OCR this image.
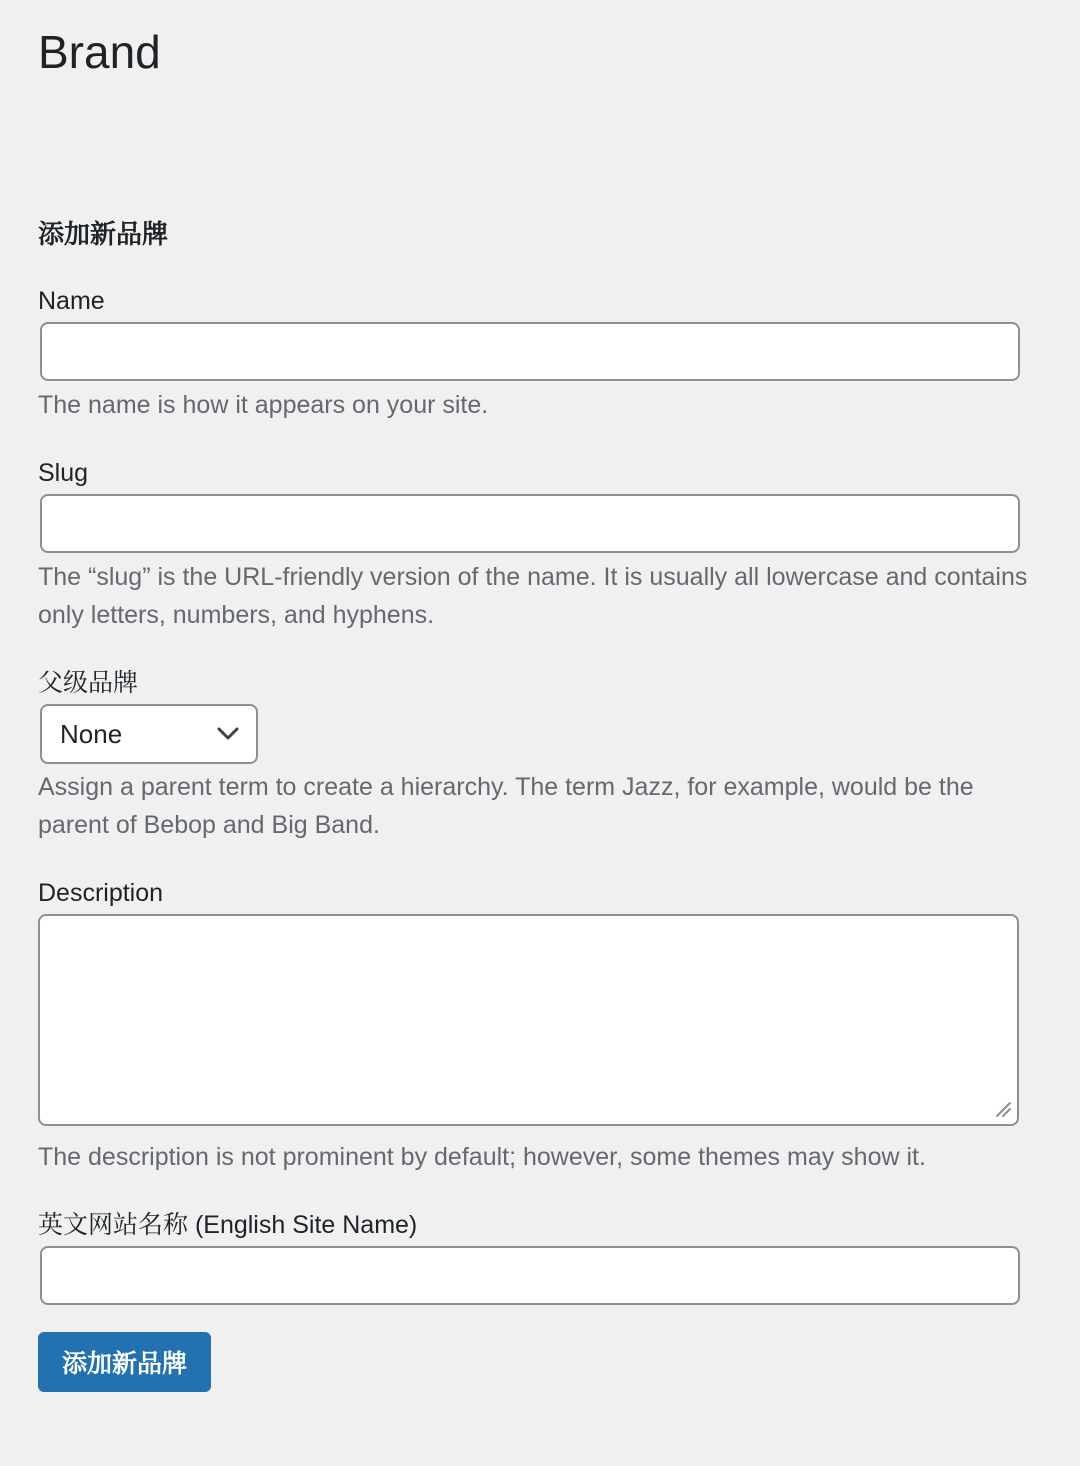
Brand
添加新品牌
Name

The name is how it appears on your site.

Slug

The “slug” is the URL-friendly version of the name. It is usually all lowercase and contains only letters, numbers, and hyphens.

父级品牌
None

Assign a parent term to create a hierarchy. The term Jazz, for example, would be the parent of Bebop and Big Band.

Description

The description is not prominent by default; however, some themes may show it.

英文网站名称 (English Site Name)
添加新品牌
